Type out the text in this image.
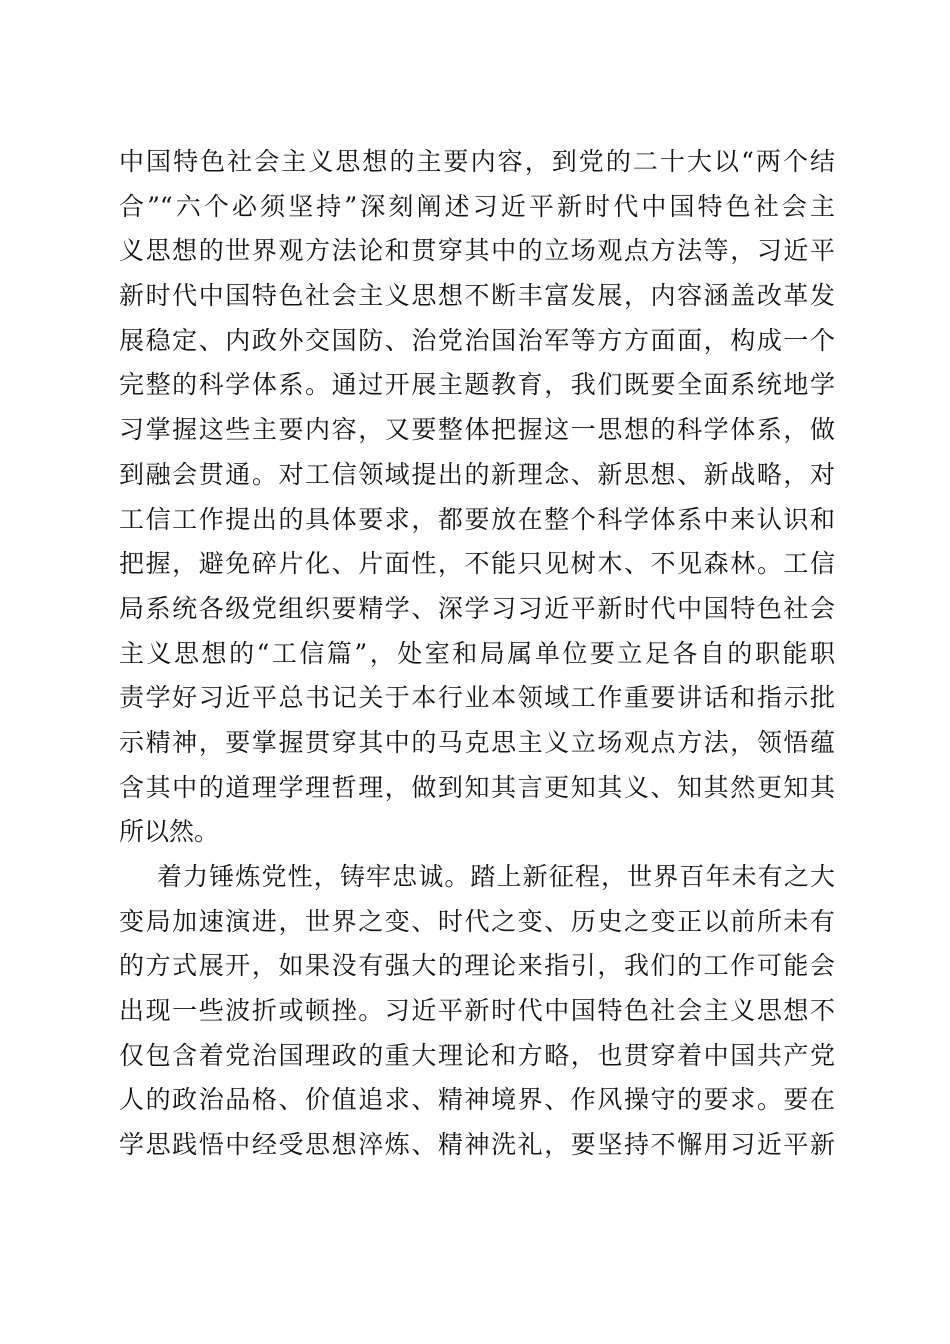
中国特色社会主义思想的主要内容，到党的二十大以“两个结
合”“六个必须坚持”深刻阐述习近平新时代中国特色社会主
义思想的世界观方法论和贯穿其中的立场观点方法等，习近平
新时代中国特色社会主义思想不断丰富发展，内容涵盖改革发
展稳定、内政外交国防、治党治国治军等方方面面，构成一个
完整的科学体系。通过开展主题教育，我们既要全面系统地学
习掌握这些主要内容，又要整体把握这一思想的科学体系，做
到融会贯通。对工信领域提出的新理念、新思想、新战略，对
工信工作提出的具体要求，都要放在整个科学体系中来认识和
把握，避免碎片化、片面性，不能只见树木、不见森林。工信
局系统各级党组织要精学、深学习习近平新时代中国特色社会
主义思想的“工信篇”，处室和局属单位要立足各自的职能职
责学好习近平总书记关于本行业本领域工作重要讲话和指示批
示精神，要掌握贯穿其中的马克思主义立场观点方法，领悟蕴
含其中的道理学理哲理，做到知其言更知其义、知其然更知其
所以然。
着力锤炼党性，铸牢忠诚。踏上新征程，世界百年未有之大
变局加速演进，世界之变、时代之变、历史之变正以前所未有
的方式展开，如果没有强大的理论来指引，我们的工作可能会
出现一些波折或顿挫。习近平新时代中国特色社会主义思想不
仅包含着党治国理政的重大理论和方略，也贯穿着中国共产党
人的政治品格、价值追求、精神境界、作风操守的要求。要在
学思践悟中经受思想淬炼、精神洗礼，要坚持不懈用习近平新
